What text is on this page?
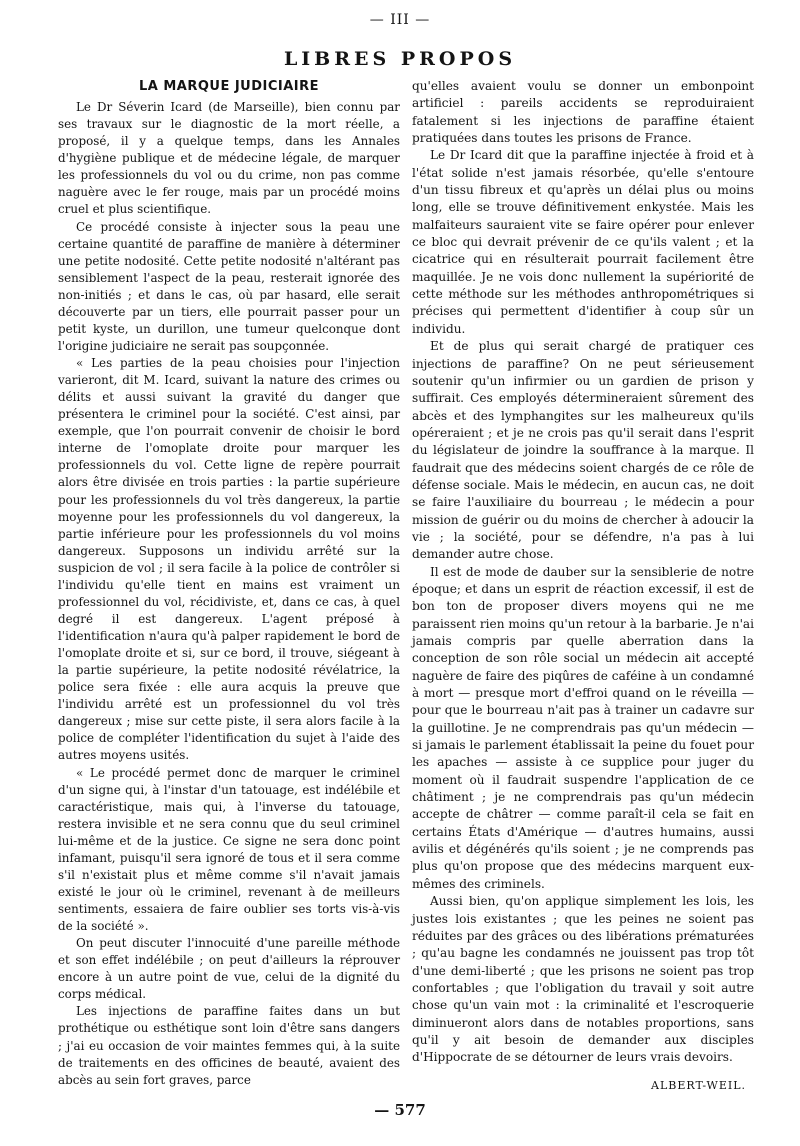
— III —
LIBRES PROPOS
LA MARQUE JUDICIAIRE

Le Dr Séverin Icard (de Marseille), bien connu par ses travaux sur le diagnostic de la mort réelle, a proposé, il y a quelque temps, dans les Annales d'hygiène publique et de médecine légale, de marquer les professionnels du vol ou du crime, non pas comme naguère avec le fer rouge, mais par un procédé moins cruel et plus scientifique.

Ce procédé consiste à injecter sous la peau une certaine quantité de paraffine de manière à déterminer une petite nodosité. Cette petite nodosité n'altérant pas sensiblement l'aspect de la peau, resterait ignorée des non-initiés ; et dans le cas, où par hasard, elle serait découverte par un tiers, elle pourrait passer pour un petit kyste, un durillon, une tumeur quelconque dont l'origine judiciaire ne serait pas soupçonnée.

« Les parties de la peau choisies pour l'injection varieront, dit M. Icard, suivant la nature des crimes ou délits et aussi suivant la gravité du danger que présentera le criminel pour la société. C'est ainsi, par exemple, que l'on pourrait convenir de choisir le bord interne de l'omoplate droite pour marquer les professionnels du vol. Cette ligne de repère pourrait alors être divisée en trois parties : la partie supérieure pour les professionnels du vol très dangereux, la partie moyenne pour les professionnels du vol dangereux, la partie inférieure pour les professionnels du vol moins dangereux. Supposons un individu arrêté sur la suspicion de vol ; il sera facile à la police de contrôler si l'individu qu'elle tient en mains est vraiment un professionnel du vol, récidiviste, et, dans ce cas, à quel degré il est dangereux. L'agent préposé à l'identification n'aura qu'à palper rapidement le bord de l'omoplate droite et si, sur ce bord, il trouve, siégeant à la partie supérieure, la petite nodosité révélatrice, la police sera fixée : elle aura acquis la preuve que l'individu arrêté est un professionnel du vol très dangereux ; mise sur cette piste, il sera alors facile à la police de compléter l'identification du sujet à l'aide des autres moyens usités.

« Le procédé permet donc de marquer le criminel d'un signe qui, à l'instar d'un tatouage, est indélébile et caractéristique, mais qui, à l'inverse du tatouage, restera invisible et ne sera connu que du seul criminel lui-même et de la justice. Ce signe ne sera donc point infamant, puisqu'il sera ignoré de tous et il sera comme s'il n'existait plus et même comme s'il n'avait jamais existé le jour où le criminel, revenant à de meilleurs sentiments, essaiera de faire oublier ses torts vis-à-vis de la société ».

On peut discuter l'innocuité d'une pareille méthode et son effet indélébile ; on peut d'ailleurs la réprouver encore à un autre point de vue, celui de la dignité du corps médical.

Les injections de paraffine faites dans un but prothétique ou esthétique sont loin d'être sans dangers ; j'ai eu occasion de voir maintes femmes qui, à la suite de traitements en des officines de beauté, avaient des abcès au sein fort graves, parce

qu'elles avaient voulu se donner un embonpoint artificiel : pareils accidents se reproduiraient fatalement si les injections de paraffine étaient pratiquées dans toutes les prisons de France.

Le Dr Icard dit que la paraffine injectée à froid et à l'état solide n'est jamais résorbée, qu'elle s'entoure d'un tissu fibreux et qu'après un délai plus ou moins long, elle se trouve définitivement enkystée. Mais les malfaiteurs sauraient vite se faire opérer pour enlever ce bloc qui devrait prévenir de ce qu'ils valent ; et la cicatrice qui en résulterait pourrait facilement être maquillée. Je ne vois donc nullement la supériorité de cette méthode sur les méthodes anthropométriques si précises qui permettent d'identifier à coup sûr un individu.

Et de plus qui serait chargé de pratiquer ces injections de paraffine? On ne peut sérieusement soutenir qu'un infirmier ou un gardien de prison y suffirait. Ces employés détermineraient sûrement des abcès et des lymphangites sur les malheureux qu'ils opéreraient ; et je ne crois pas qu'il serait dans l'esprit du législateur de joindre la souffrance à la marque. Il faudrait que des médecins soient chargés de ce rôle de défense sociale. Mais le médecin, en aucun cas, ne doit se faire l'auxiliaire du bourreau ; le médecin a pour mission de guérir ou du moins de chercher à adoucir la vie ; la société, pour se défendre, n'a pas à lui demander autre chose.

Il est de mode de dauber sur la sensiblerie de notre époque; et dans un esprit de réaction excessif, il est de bon ton de proposer divers moyens qui ne me paraissent rien moins qu'un retour à la barbarie. Je n'ai jamais compris par quelle aberration dans la conception de son rôle social un médecin ait accepté naguère de faire des piqûres de caféine à un condamné à mort — presque mort d'effroi quand on le réveilla — pour que le bourreau n'ait pas à trainer un cadavre sur la guillotine. Je ne comprendrais pas qu'un médecin — si jamais le parlement établissait la peine du fouet pour les apaches — assiste à ce supplice pour juger du moment où il faudrait suspendre l'application de ce châtiment ; je ne comprendrais pas qu'un médecin accepte de châtrer — comme paraît-il cela se fait en certains États d'Amérique — d'autres humains, aussi avilis et dégénérés qu'ils soient ; je ne comprends pas plus qu'on propose que des médecins marquent eux-mêmes des criminels.

Aussi bien, qu'on applique simplement les lois, les justes lois existantes ; que les peines ne soient pas réduites par des grâces ou des libérations prématurées ; qu'au bagne les condamnés ne jouissent pas trop tôt d'une demi-liberté ; que les prisons ne soient pas trop confortables ; que l'obligation du travail y soit autre chose qu'un vain mot : la criminalité et l'escroquerie diminueront alors dans de notables proportions, sans qu'il y ait besoin de demander aux disciples d'Hippocrate de se détourner de leurs vrais devoirs.

ALBERT-WEIL.
— 577
